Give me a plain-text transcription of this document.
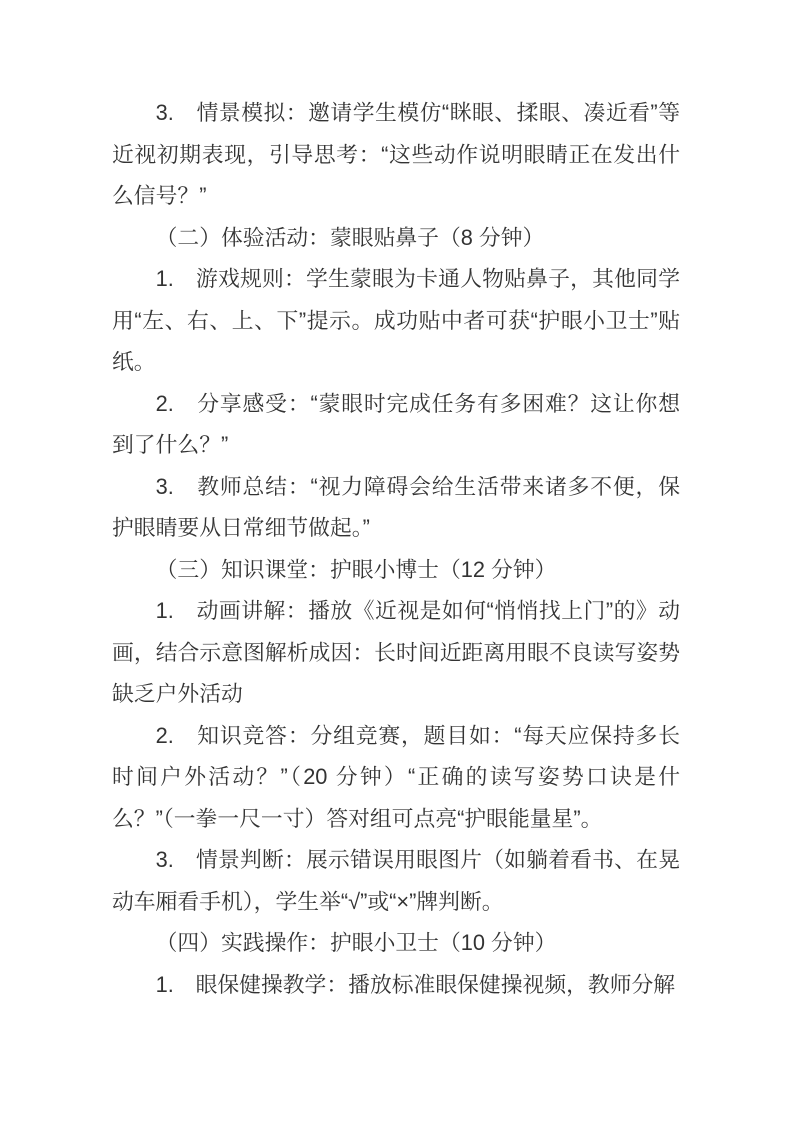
3.　情景模拟：邀请学生模仿“眯眼、揉眼、凑近看”等近视初期表现，引导思考：“这些动作说明眼睛正在发出什么信号？”

（二）体验活动：蒙眼贴鼻子（8 分钟）

1.　游戏规则：学生蒙眼为卡通人物贴鼻子，其他同学用“左、右、上、下”提示。成功贴中者可获“护眼小卫士”贴纸。

2.　分享感受：“蒙眼时完成任务有多困难？这让你想到了什么？”

3.　教师总结：“视力障碍会给生活带来诸多不便，保护眼睛要从日常细节做起。”

（三）知识课堂：护眼小博士（12 分钟）

1.　动画讲解：播放《近视是如何“悄悄找上门”的》动画，结合示意图解析成因：长时间近距离用眼不良读写姿势缺乏户外活动

2.　知识竞答：分组竞赛，题目如：“每天应保持多长时间户外活动？”（20 分钟）“正确的读写姿势口诀是什么？”（一拳一尺一寸）答对组可点亮“护眼能量星”。

3.　情景判断：展示错误用眼图片（如躺着看书、在晃动车厢看手机），学生举“√”或“×”牌判断。

（四）实践操作：护眼小卫士（10 分钟）

1.　眼保健操教学：播放标准眼保健操视频，教师分解
